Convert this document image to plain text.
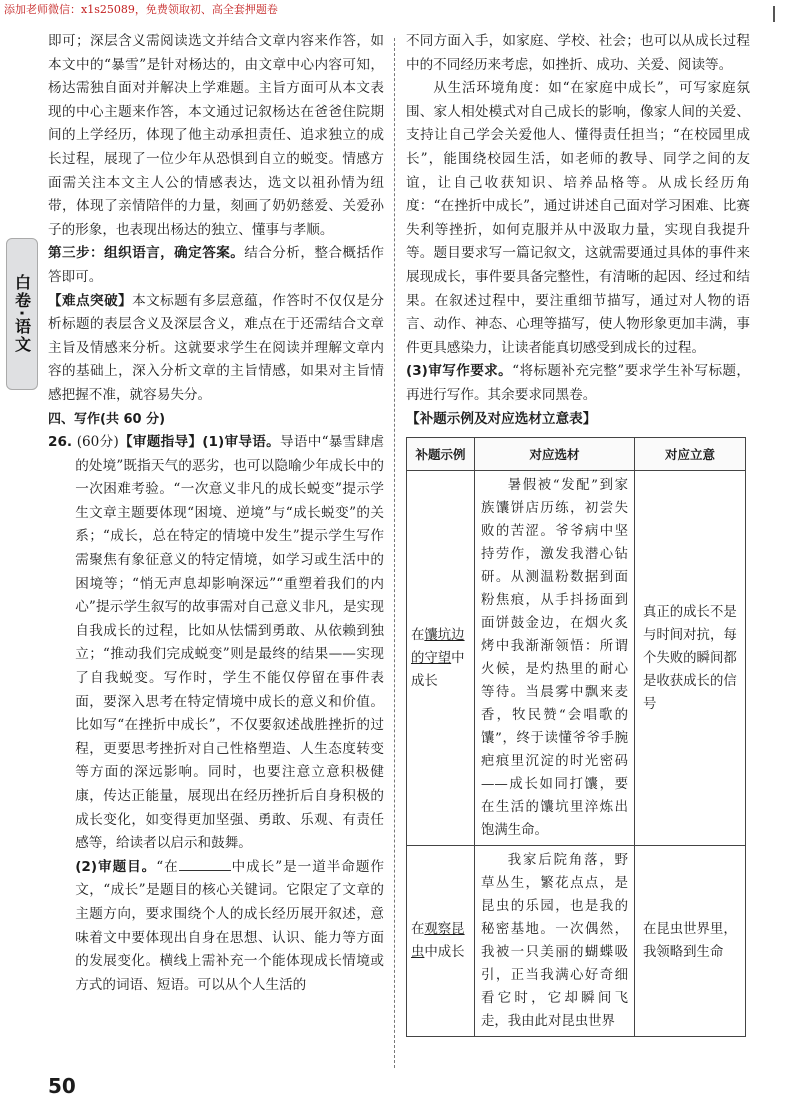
添加老师微信：x1s25089，免费领取初、高全套押题卷
白卷·语文

即可；深层含义需阅读选文并结合文章内容来作答，如本文中的“暴雪”是针对杨达的，由文章中心内容可知，杨达需独自面对并解决上学难题。主旨方面可从本文表现的中心主题来作答，本文通过记叙杨达在爸爸住院期间的上学经历，体现了他主动承担责任、追求独立的成长过程，展现了一位少年从恐惧到自立的蜕变。情感方面需关注本文主人公的情感表达，选文以祖孙情为纽带，体现了亲情陪伴的力量，刻画了奶奶慈爱、关爱孙子的形象，也表现出杨达的独立、懂事与孝顺。

第三步：组织语言，确定答案。结合分析，整合概括作答即可。

【难点突破】本文标题有多层意蕴，作答时不仅仅是分析标题的表层含义及深层含义，难点在于还需结合文章主旨及情感来分析。这就要求学生在阅读并理解文章内容的基础上，深入分析文章的主旨情感，如果对主旨情感把握不准，就容易失分。

四、写作(共 60 分)

26. (60分)【审题指导】(1)审导语。导语中“暴雪肆虐的处境”既指天气的恶劣，也可以隐喻少年成长中的一次困难考验。“一次意义非凡的成长蜕变”提示学生文章主题要体现“困境、逆境”与“成长蜕变”的关系；“成长，总在特定的情境中发生”提示学生写作需聚焦有象征意义的特定情境，如学习或生活中的困境等；“悄无声息却影响深远”“重塑着我们的内心”提示学生叙写的故事需对自己意义非凡，是实现自我成长的过程，比如从怯懦到勇敢、从依赖到独立；“推动我们完成蜕变”则是最终的结果——实现了自我蜕变。写作时，学生不能仅停留在事件表面，要深入思考在特定情境中成长的意义和价值。比如写“在挫折中成长”，不仅要叙述战胜挫折的过程，更要思考挫折对自己性格塑造、人生态度转变等方面的深远影响。同时，也要注意立意积极健康，传达正能量，展现出在经历挫折后自身积极的成长变化，如变得更加坚强、勇敢、乐观、有责任感等，给读者以启示和鼓舞。

(2)审题目。“在	中成长”是一道半命题作文，“成长”是题目的核心关键词。它限定了文章的主题方向，要求围绕个人的成长经历展开叙述，意味着文中要体现出自身在思想、认识、能力等方面的发展变化。横线上需补充一个能体现成长情境或方式的词语、短语。可以从个人生活的

不同方面入手，如家庭、学校、社会；也可以从成长过程中的不同经历来考虑，如挫折、成功、关爱、阅读等。

从生活环境角度：如“在家庭中成长”，可写家庭氛围、家人相处模式对自己成长的影响，像家人间的关爱、支持让自己学会关爱他人、懂得责任担当；“在校园里成长”，能围绕校园生活，如老师的教导、同学之间的友谊，让自己收获知识、培养品格等。从成长经历角度：“在挫折中成长”，通过讲述自己面对学习困难、比赛失利等挫折，如何克服并从中汲取力量，实现自我提升等。题目要求写一篇记叙文，这就需要通过具体的事件来展现成长，事件要具备完整性，有清晰的起因、经过和结果。在叙述过程中，要注重细节描写，通过对人物的语言、动作、神态、心理等描写，使人物形象更加丰满，事件更具感染力，让读者能真切感受到成长的过程。

(3)审写作要求。“将标题补充完整”要求学生补写标题，再进行写作。其余要求同黑卷。

【补题示例及对应选材立意表】

补题示例	对应选材	对应立意
在馕坑边的守望中成长	暑假被“发配”到家族馕饼店历练，初尝失败的苦涩。爷爷病中坚持劳作，激发我潜心钻研。从测温粉数据到面粉焦痕，从手抖扬面到面饼鼓金边，在烟火炙烤中我渐渐领悟：所谓火候，是灼热里的耐心等待。当晨雾中飘来麦香，牧民赞“会唱歌的馕”，终于读懂爷爷手腕疤痕里沉淀的时光密码——成长如同打馕，要在生活的馕坑里淬炼出饱满生命。	真正的成长不是与时间对抗，每个失败的瞬间都是收获成长的信号
在观察昆虫中成长	我家后院角落，野草丛生，繁花点点，是昆虫的乐园，也是我的秘密基地。一次偶然，我被一只美丽的蝴蝶吸引，正当我满心好奇细看它时，它却瞬间飞走，我由此对昆虫世界	在昆虫世界里，我领略到生命
50
